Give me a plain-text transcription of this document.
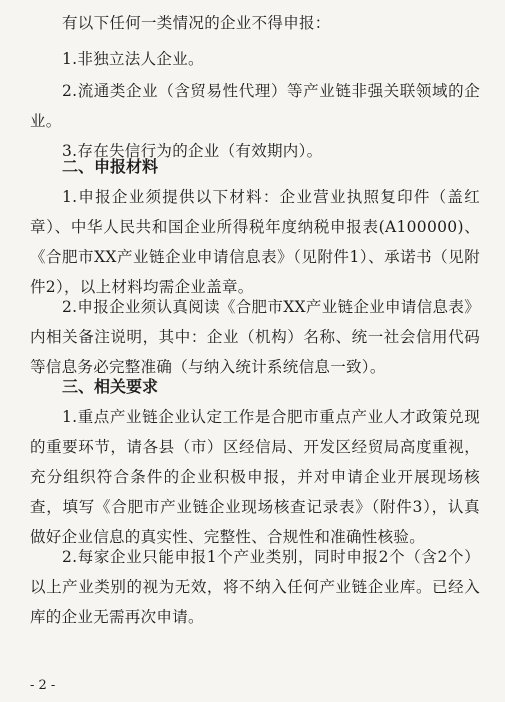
有以下任何一类情况的企业不得申报：
1.非独立法人企业。
2.流通类企业（含贸易性代理）等产业链非强关联领域的企业。
3.存在失信行为的企业（有效期内）。
二、申报材料
1.申报企业须提供以下材料：企业营业执照复印件（盖红章）、中华人民共和国企业所得税年度纳税申报表(A100000)、《合肥市XX产业链企业申请信息表》（见附件1）、承诺书（见附件2），以上材料均需企业盖章。
2.申报企业须认真阅读《合肥市XX产业链企业申请信息表》内相关备注说明，其中：企业（机构）名称、统一社会信用代码等信息务必完整准确（与纳入统计系统信息一致）。
三、相关要求
1.重点产业链企业认定工作是合肥市重点产业人才政策兑现的重要环节，请各县（市）区经信局、开发区经贸局高度重视，充分组织符合条件的企业积极申报，并对申请企业开展现场核查，填写《合肥市产业链企业现场核查记录表》（附件3），认真做好企业信息的真实性、完整性、合规性和准确性核验。
2.每家企业只能申报1个产业类别，同时申报2个（含2个）以上产业类别的视为无效，将不纳入任何产业链企业库。已经入库的企业无需再次申请。
- 2 -
